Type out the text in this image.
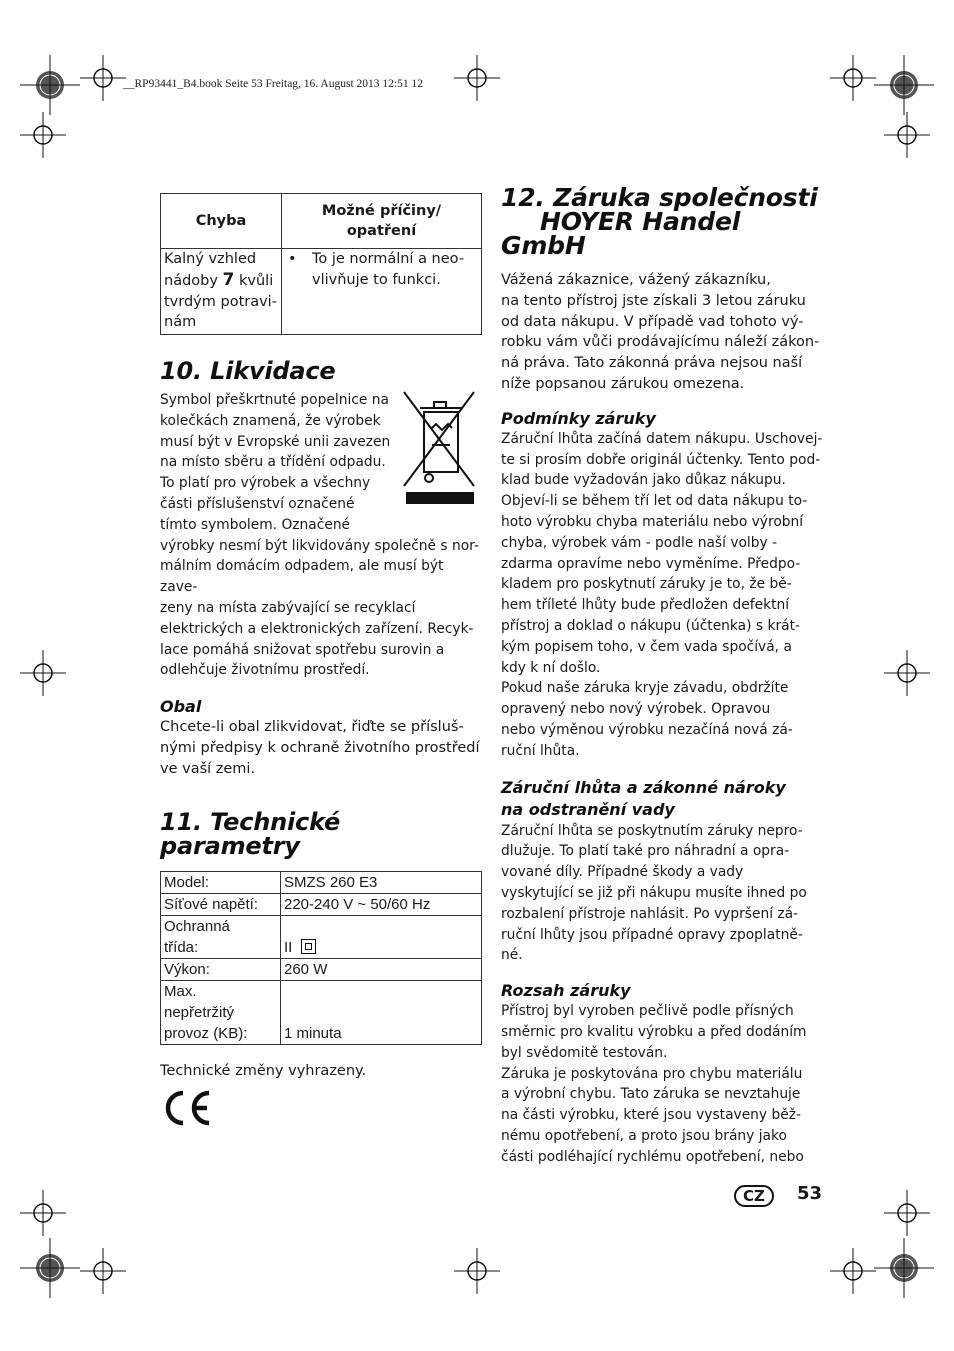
__RP93441_B4.book Seite 53 Freitag, 16. August 2013 12:51 12
Chyba	Možné příčiny/
opatření
Kalný vzhled
nádoby 7 kvůli
tvrdým potravi-
nám	• To je normální a neo-
vlivňuje to funkci.
10. Likvidace

Symbol přeškrtnuté popelnice na
kolečkách znamená, že výrobek
musí být v Evropské unii zavezen
na místo sběru a třídění odpadu.
To platí pro výrobek a všechny
části příslušenství označené
tímto symbolem. Označené

výrobky nesmí být likvidovány společně s nor-
málním domácím odpadem, ale musí být zave-
zeny na místa zabývající se recyklací
elektrických a elektronických zařízení. Recyk-
lace pomáhá snižovat spotřebu surovin a
odlehčuje životnímu prostředí.

Obal

Chcete-li obal zlikvidovat, řiďte se přísluš-
nými předpisy k ochraně životního prostředí
ve vaší zemi.

11. Technické parametry
Model:	SMZS 260 E3
Síťové napětí:	220-240 V ~ 50/60 Hz
Ochranná
třída:	II

Výkon:	260 W
Max.
nepřetržitý
provoz (KB):	1 minuta

Technické změny vyhrazeny.

12. Záruka společnosti
HOYER Handel GmbH

Vážená zákaznice, vážený zákazníku,
na tento přístroj jste získali 3 letou záruku
od data nákupu. V případě vad tohoto vý-
robku vám vůči prodávajícímu náleží zákon-
ná práva. Tato zákonná práva nejsou naší
níže popsanou zárukou omezena.

Podmínky záruky

Záruční lhůta začíná datem nákupu. Uschovej-
te si prosím dobře originál účtenky. Tento pod-
klad bude vyžadován jako důkaz nákupu.
Objeví-li se během tří let od data nákupu to-
hoto výrobku chyba materiálu nebo výrobní
chyba, výrobek vám - podle naší volby -
zdarma opravíme nebo vyměníme. Předpo-
kladem pro poskytnutí záruky je to, že bě-
hem tříleté lhůty bude předložen defektní
přístroj a doklad o nákupu (účtenka) s krát-
kým popisem toho, v čem vada spočívá, a
kdy k ní došlo.
Pokud naše záruka kryje závadu, obdržíte
opravený nebo nový výrobek. Opravou
nebo výměnou výrobku nezačíná nová zá-
ruční lhůta.

Záruční lhůta a zákonné nároky
na odstranění vady

Záruční lhůta se poskytnutím záruky nepro-
dlužuje. To platí také pro náhradní a opra-
vované díly. Případné škody a vady
vyskytující se již při nákupu musíte ihned po
rozbalení přístroje nahlásit. Po vypršení zá-
ruční lhůty jsou případné opravy zpoplatně-
né.

Rozsah záruky

Přístroj byl vyroben pečlivě podle přísných
směrnic pro kvalitu výrobku a před dodáním
byl svědomitě testován.
Záruka je poskytována pro chybu materiálu
a výrobní chybu. Tato záruka se nevztahuje
na části výrobku, které jsou vystaveny běž-
nému opotřebení, a proto jsou brány jako
části podléhající rychlému opotřebení, nebo

CZ	53
